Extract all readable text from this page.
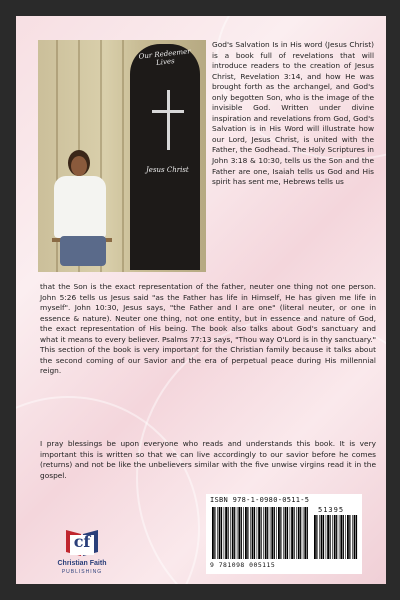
Our Redeemer Lives
Jesus Christ

God's Salvation Is in His word (Jesus Christ) is a book full of revelations that will introduce readers to the creation of Jesus Christ, Revelation 3:14, and how He was brought forth as the archangel, and God's only begotten Son, who is the image of the invisible God. Written under divine inspiration and revelations from God, God's Salvation is in His Word will illustrate how our Lord, Jesus Christ, is united with the Father, the Godhead. The Holy Scriptures in John 3:18 & 10:30, tells us the Son and the Father are one, Isaiah tells us God and His spirit has sent me, Hebrews tells us

that the Son is the exact representation of the father, neuter one thing not one person. John 5:26 tells us Jesus said "as the Father has life in Himself, He has given me life in myself". John 10:30, Jesus says, "the Father and I are one" (literal neuter, or one in essence & nature). Neuter one thing, not one entity, but in essence and nature of God, the exact representation of His being. The book also talks about God's sanctuary and what it means to every believer. Psalms 77:13 says, "Thou way O'Lord is in thy sanctuary." This section of the book is very important for the Christian family because it talks about the second coming of our Savior and the era of perpetual peace during His millennial reign.

I pray blessings be upon everyone who reads and understands this book. It is very important this is written so that we can live accordingly to our savior before he comes (returns) and not be like the unbelievers similar with the five unwise virgins read it in the gospel.

cf
Christian Faith
PUBLISHING
ISBN 978-1-0980-0511-5
51395
9 781098 005115
